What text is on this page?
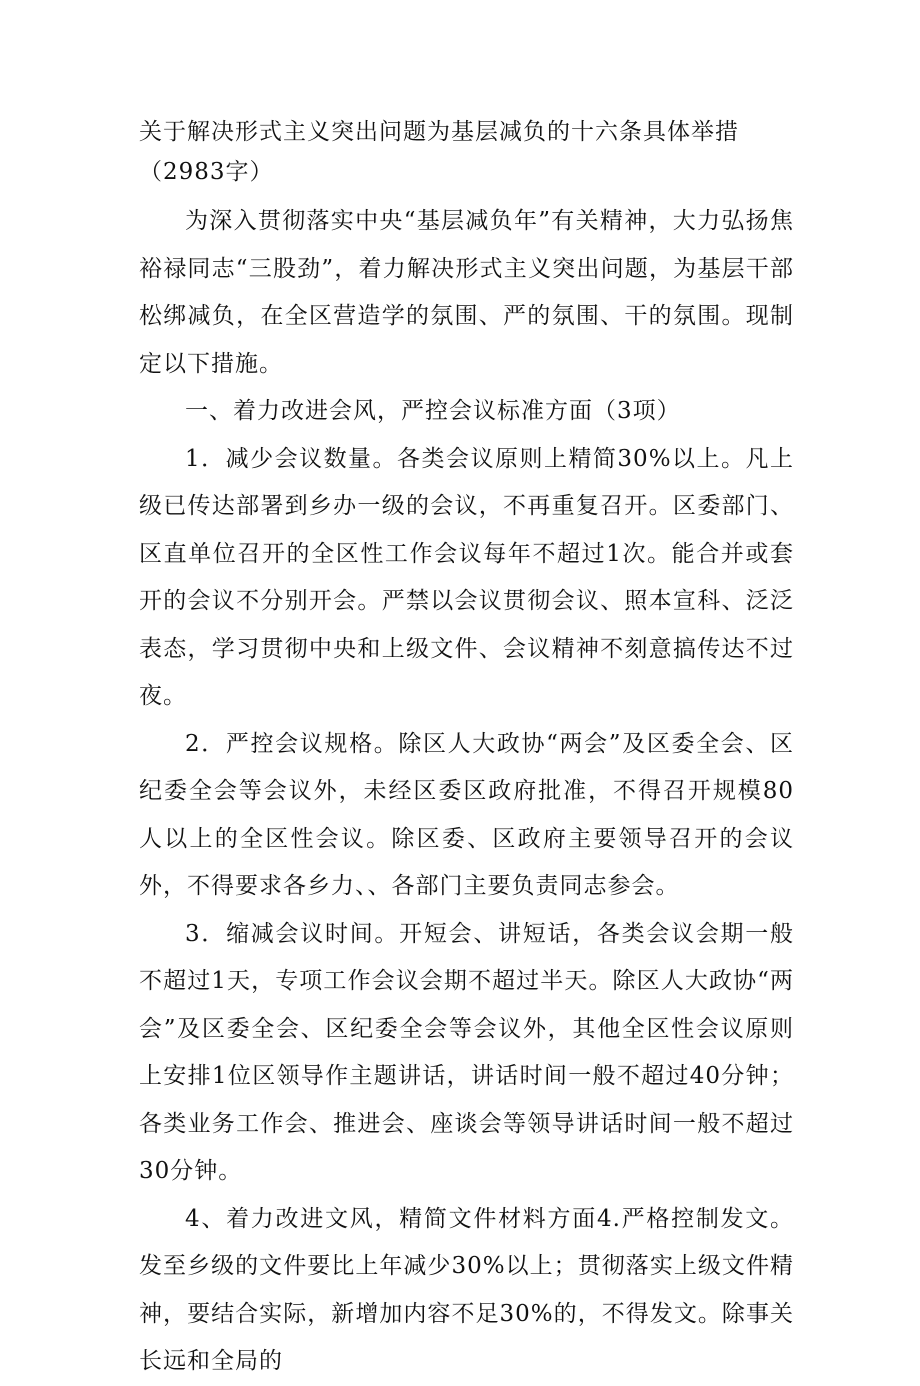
关于解决形式主义突出问题为基层减负的十六条具体举措（2983字）

为深入贯彻落实中央“基层减负年”有关精神，大力弘扬焦裕禄同志“三股劲”，着力解决形式主义突出问题，为基层干部松绑减负，在全区营造学的氛围、严的氛围、干的氛围。现制定以下措施。

一、着力改进会风，严控会议标准方面（3项）

1．减少会议数量。各类会议原则上精简30%以上。凡上级已传达部署到乡办一级的会议，不再重复召开。区委部门、区直单位召开的全区性工作会议每年不超过1次。能合并或套开的会议不分别开会。严禁以会议贯彻会议、照本宣科、泛泛表态，学习贯彻中央和上级文件、会议精神不刻意搞传达不过夜。

2．严控会议规格。除区人大政协“两会”及区委全会、区纪委全会等会议外，未经区委区政府批准，不得召开规模80人以上的全区性会议。除区委、区政府主要领导召开的会议外，不得要求各乡力、、各部门主要负责同志参会。

3．缩减会议时间。开短会、讲短话，各类会议会期一般不超过1天，专项工作会议会期不超过半天。除区人大政协“两会”及区委全会、区纪委全会等会议外，其他全区性会议原则上安排1位区领导作主题讲话，讲话时间一般不超过40分钟；各类业务工作会、推进会、座谈会等领导讲话时间一般不超过30分钟。

4、着力改进文风，精简文件材料方面4.严格控制发文。发至乡级的文件要比上年减少30%以上；贯彻落实上级文件精神，要结合实际，新增加内容不足30%的，不得发文。除事关长远和全局的
